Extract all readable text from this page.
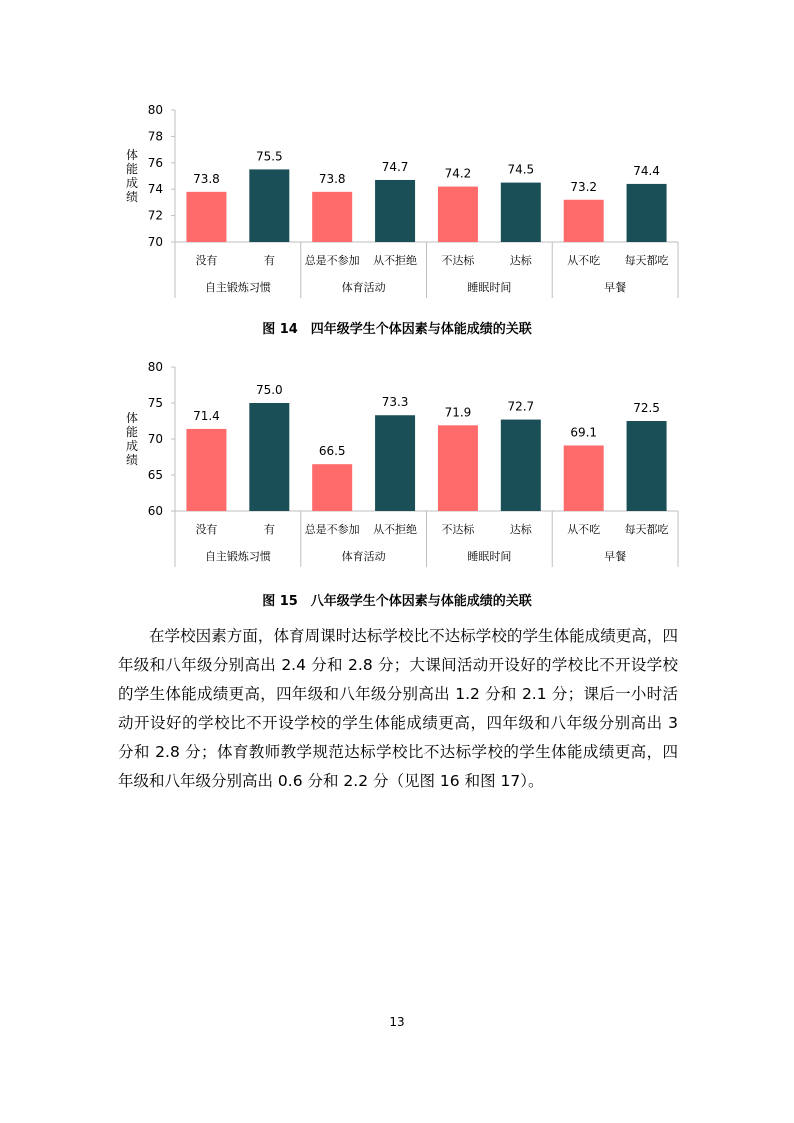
70
72
74
76
78
80
体能成绩
自主锻炼习惯
73.8
没有
75.5
有
体育活动
73.8
总是不参加
74.7
从不拒绝
睡眠时间
74.2
不达标
74.5
达标
早餐
73.2
从不吃
74.4
每天都吃
图 14　四年级学生个体因素与体能成绩的关联
60
65
70
75
80
体能成绩
自主锻炼习惯
71.4
没有
75.0
有
体育活动
66.5
总是不参加
73.3
从不拒绝
睡眠时间
71.9
不达标
72.7
达标
早餐
69.1
从不吃
72.5
每天都吃
图 15　八年级学生个体因素与体能成绩的关联

在学校因素方面，体育周课时达标学校比不达标学校的学生体能成绩更高，四年级和八年级分别高出 2.4 分和 2.8 分；大课间活动开设好的学校比不开设学校的学生体能成绩更高，四年级和八年级分别高出 1.2 分和 2.1 分；课后一小时活动开设好的学校比不开设学校的学生体能成绩更高，四年级和八年级分别高出 3 分和 2.8 分；体育教师教学规范达标学校比不达标学校的学生体能成绩更高，四年级和八年级分别高出 0.6 分和 2.2 分（见图 16 和图 17）。

13
